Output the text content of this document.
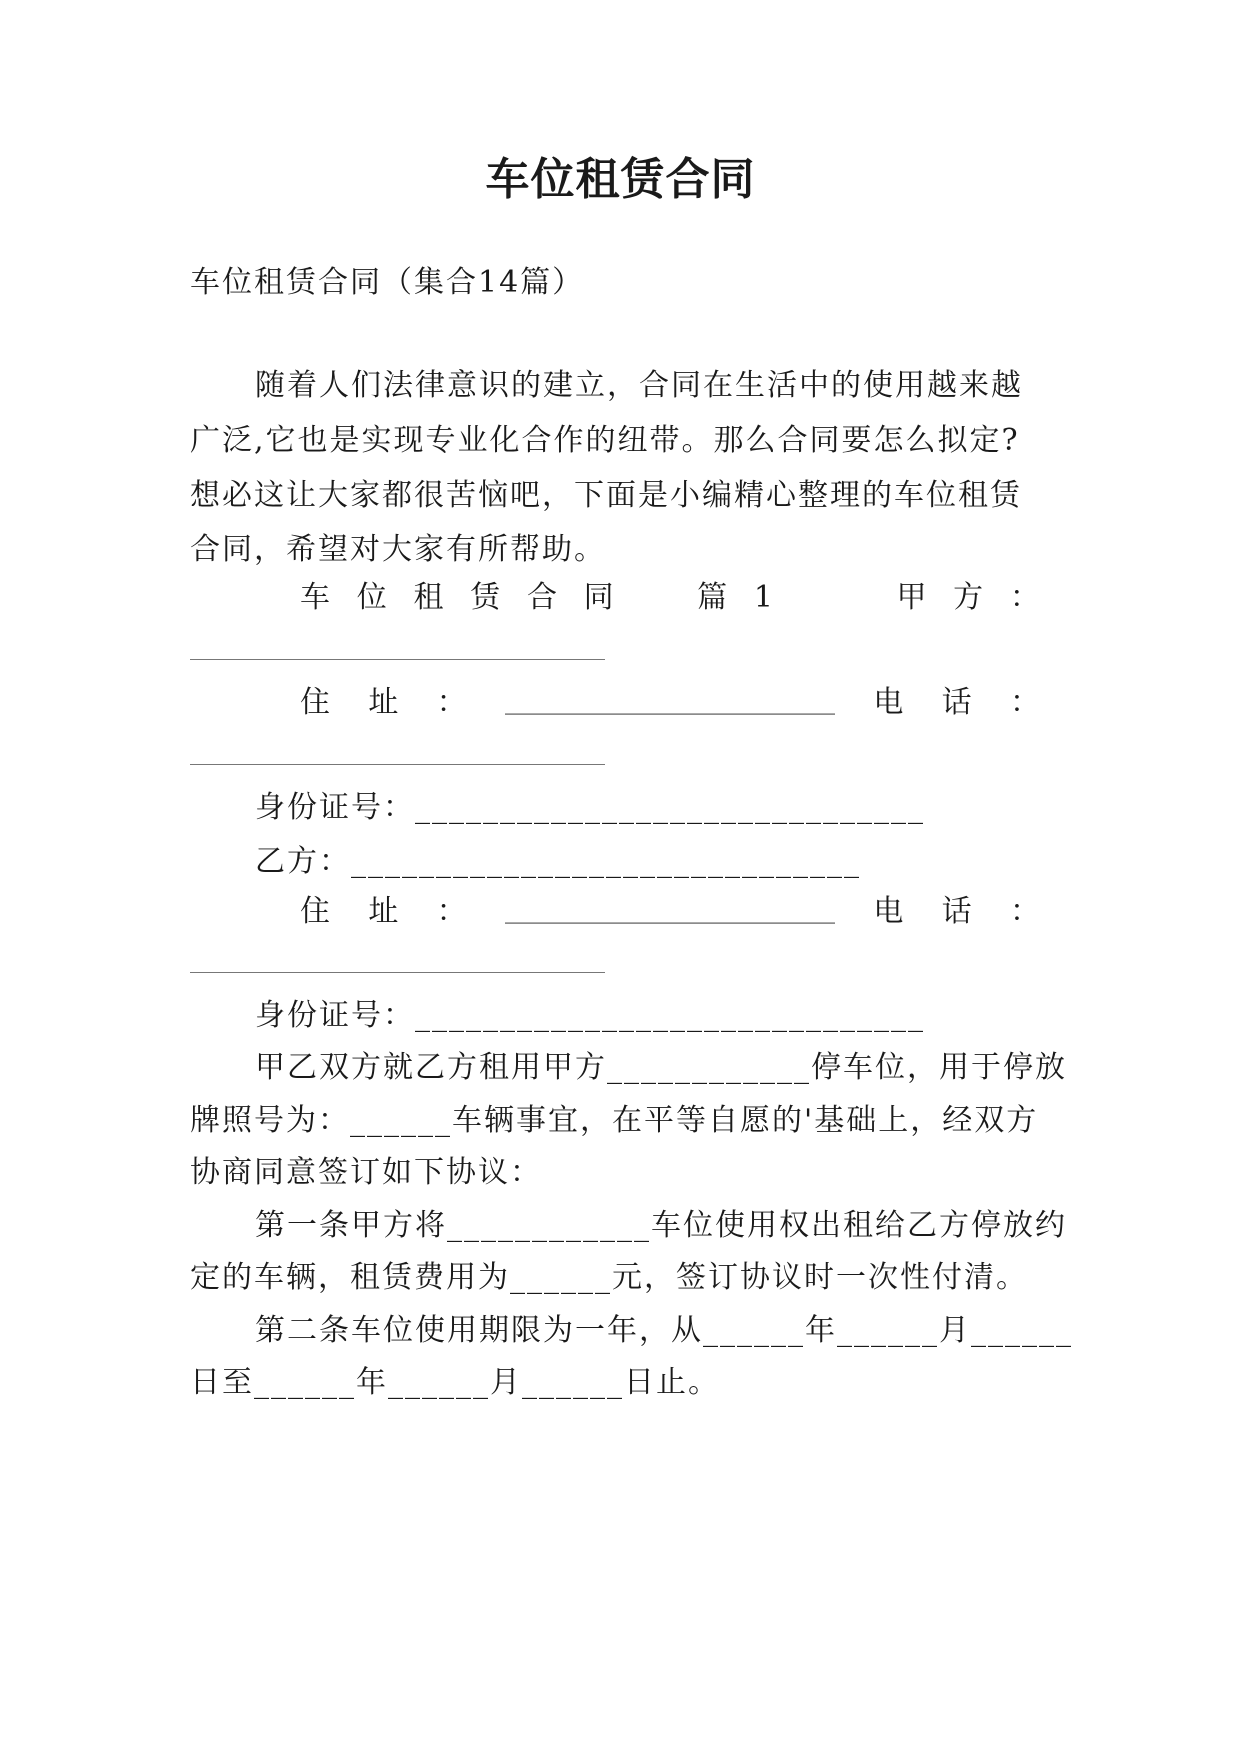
车位租赁合同
车位租赁合同（集合14篇）
随着人们法律意识的建立，合同在生活中的使用越来越
广泛,它也是实现专业化合作的纽带。那么合同要怎么拟定?
想必这让大家都很苦恼吧，下面是小编精心整理的车位租赁
合同，希望对大家有所帮助。
车 位 租 赁 合 同	篇 1	甲 方 ：
住 址 ： ______________________________ 电 话 ：
身份证号：______________________________
乙方：______________________________
住 址 ： ______________________________ 电 话 ：
身份证号：______________________________
甲乙双方就乙方租用甲方____________停车位，用于停放
牌照号为：______车辆事宜，在平等自愿的'基础上，经双方
协商同意签订如下协议：
第一条甲方将____________车位使用权出租给乙方停放约
定的车辆，租赁费用为______元，签订协议时一次性付清。
第二条车位使用期限为一年，从______年______月______
日至______年______月______日止。
